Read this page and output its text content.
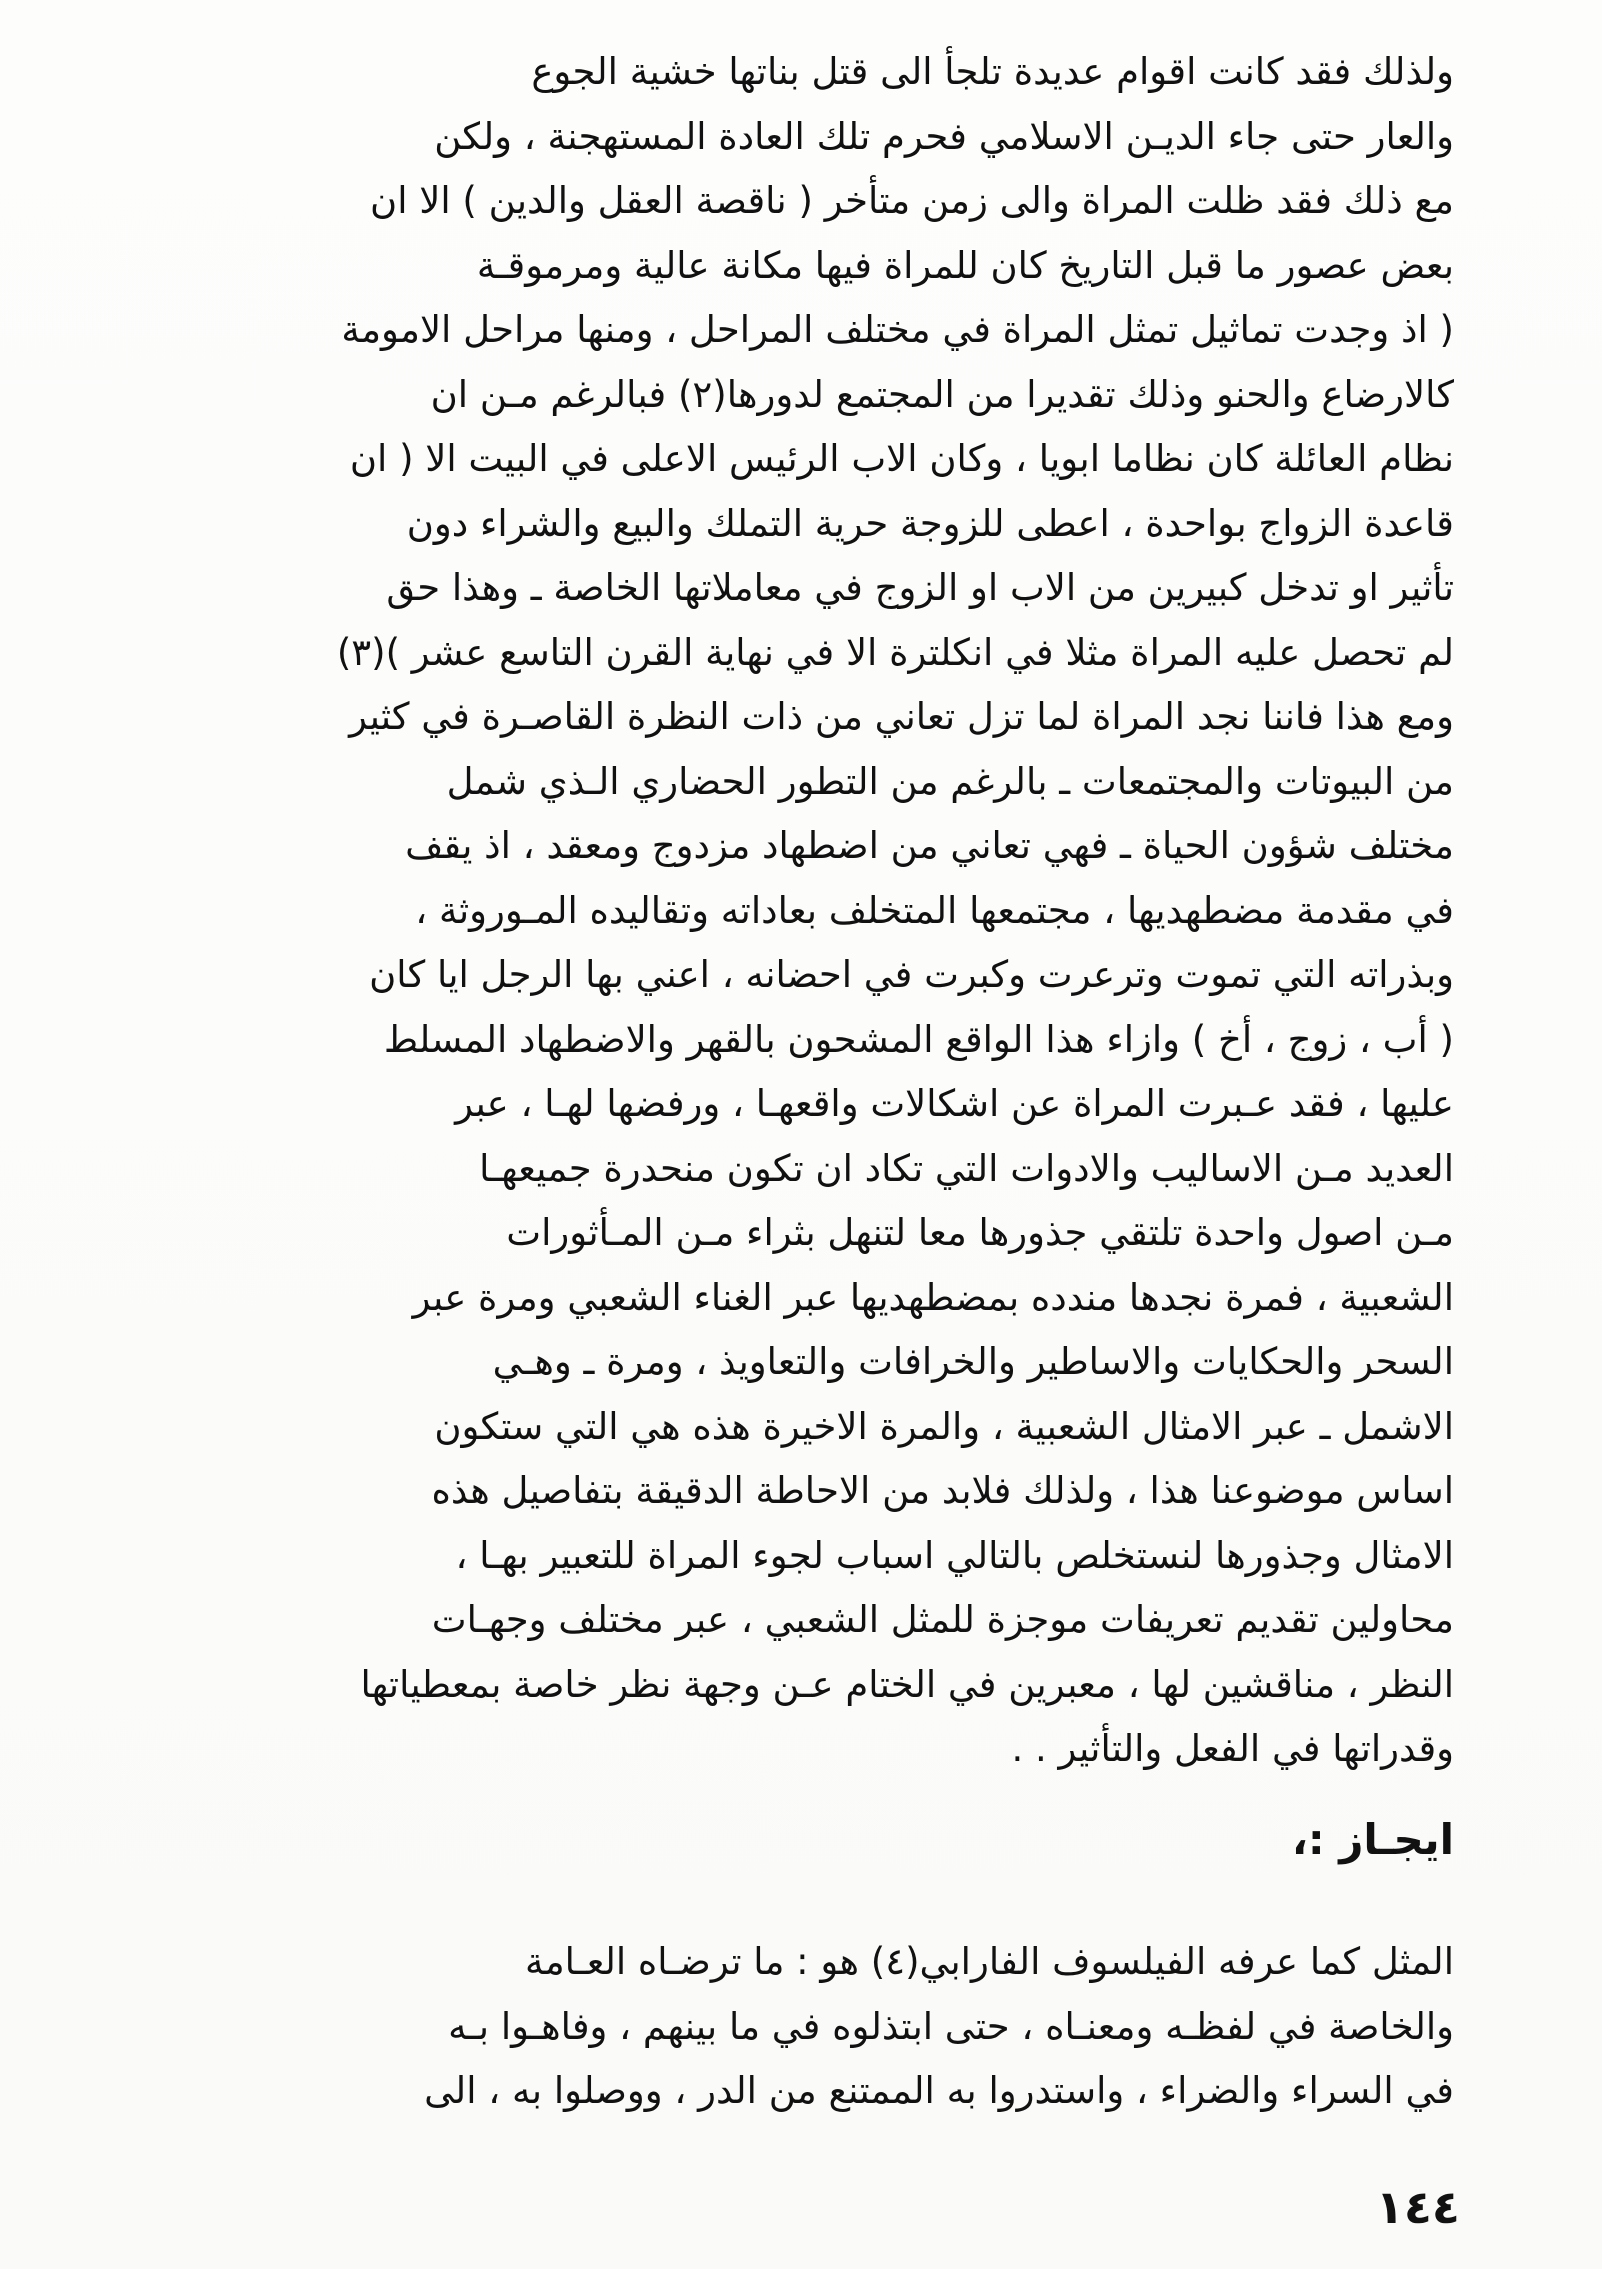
ولذلك فقد كانت اقوام عديدة تلجأ الى قتل بناتها خشية الجوع
والعار حتى جاء الديـن الاسلامي فحرم تلك العادة المستهجنة ، ولكن
مع ذلك فقد ظلت المراة والى زمن متأخر ( ناقصة العقل والدين ) الا ان
بعض عصور ما قبل التاريخ كان للمراة فيها مكانة عالية ومرموقـة
( اذ وجدت تماثيل تمثل المراة في مختلف المراحل ، ومنها مراحل الامومة
كالارضاع والحنو وذلك تقديرا من المجتمع لدورها(٢) فبالرغم مـن ان
نظام العائلة كان نظاما ابويا ، وكان الاب الرئيس الاعلى في البيت الا ( ان
قاعدة الزواج بواحدة ، اعطى للزوجة حرية التملك والبيع والشراء دون
تأثير او تدخل كبيرين من الاب او الزوج في معاملاتها الخاصة ـ وهذا حق
لم تحصل عليه المراة مثلا في انكلترة الا في نهاية القرن التاسع عشر )(٣)
ومع هذا فاننا نجد المراة لما تزل تعاني من ذات النظرة القاصـرة في كثير
من البيوتات والمجتمعات ـ بالرغم من التطور الحضاري الـذي شمل
مختلف شؤون الحياة ـ فهي تعاني من اضطهاد مزدوج ومعقد ، اذ يقف
في مقدمة مضطهديها ، مجتمعها المتخلف بعاداته وتقاليده المـوروثة ،
وبذراته التي تموت وترعرت وكبرت في احضانه ، اعني بها الرجل ايا كان
( أب ، زوج ، أخ ) وازاء هذا الواقع المشحون بالقهر والاضطهاد المسلط
عليها ، فقد عـبرت المراة عن اشكالات واقعهـا ، ورفضها لهـا ، عبر
العديد مـن الاساليب والادوات التي تكاد ان تكون منحدرة جميعهـا
مـن اصول واحدة تلتقي جذورها معا لتنهل بثراء مـن المـأثورات
الشعبية ، فمرة نجدها مندده بمضطهديها عبر الغناء الشعبي ومرة عبر
السحر والحكايات والاساطير والخرافات والتعاويذ ، ومرة ـ وهـي
الاشمل ـ عبر الامثال الشعبية ، والمرة الاخيرة هذه هي التي ستكون
اساس موضوعنا هذا ، ولذلك فلابد من الاحاطة الدقيقة بتفاصيل هذه
الامثال وجذورها لنستخلص بالتالي اسباب لجوء المراة للتعبير بهـا ،
محاولين تقديم تعريفات موجزة للمثل الشعبي ، عبر مختلف وجهـات
النظر ، مناقشين لها ، معبرين في الختام عـن وجهة نظر خاصة بمعطياتها
وقدراتها في الفعل والتأثير . .
ايجـاز :،
المثل كما عرفه الفيلسوف الفارابي(٤) هو : ما ترضـاه العـامة
والخاصة في لفظـه ومعنـاه ، حتى ابتذلوه في ما بينهم ، وفاهـوا بـه
في السراء والضراء ، واستدروا به الممتنع من الدر ، ووصلوا به ، الى
١٤٤
